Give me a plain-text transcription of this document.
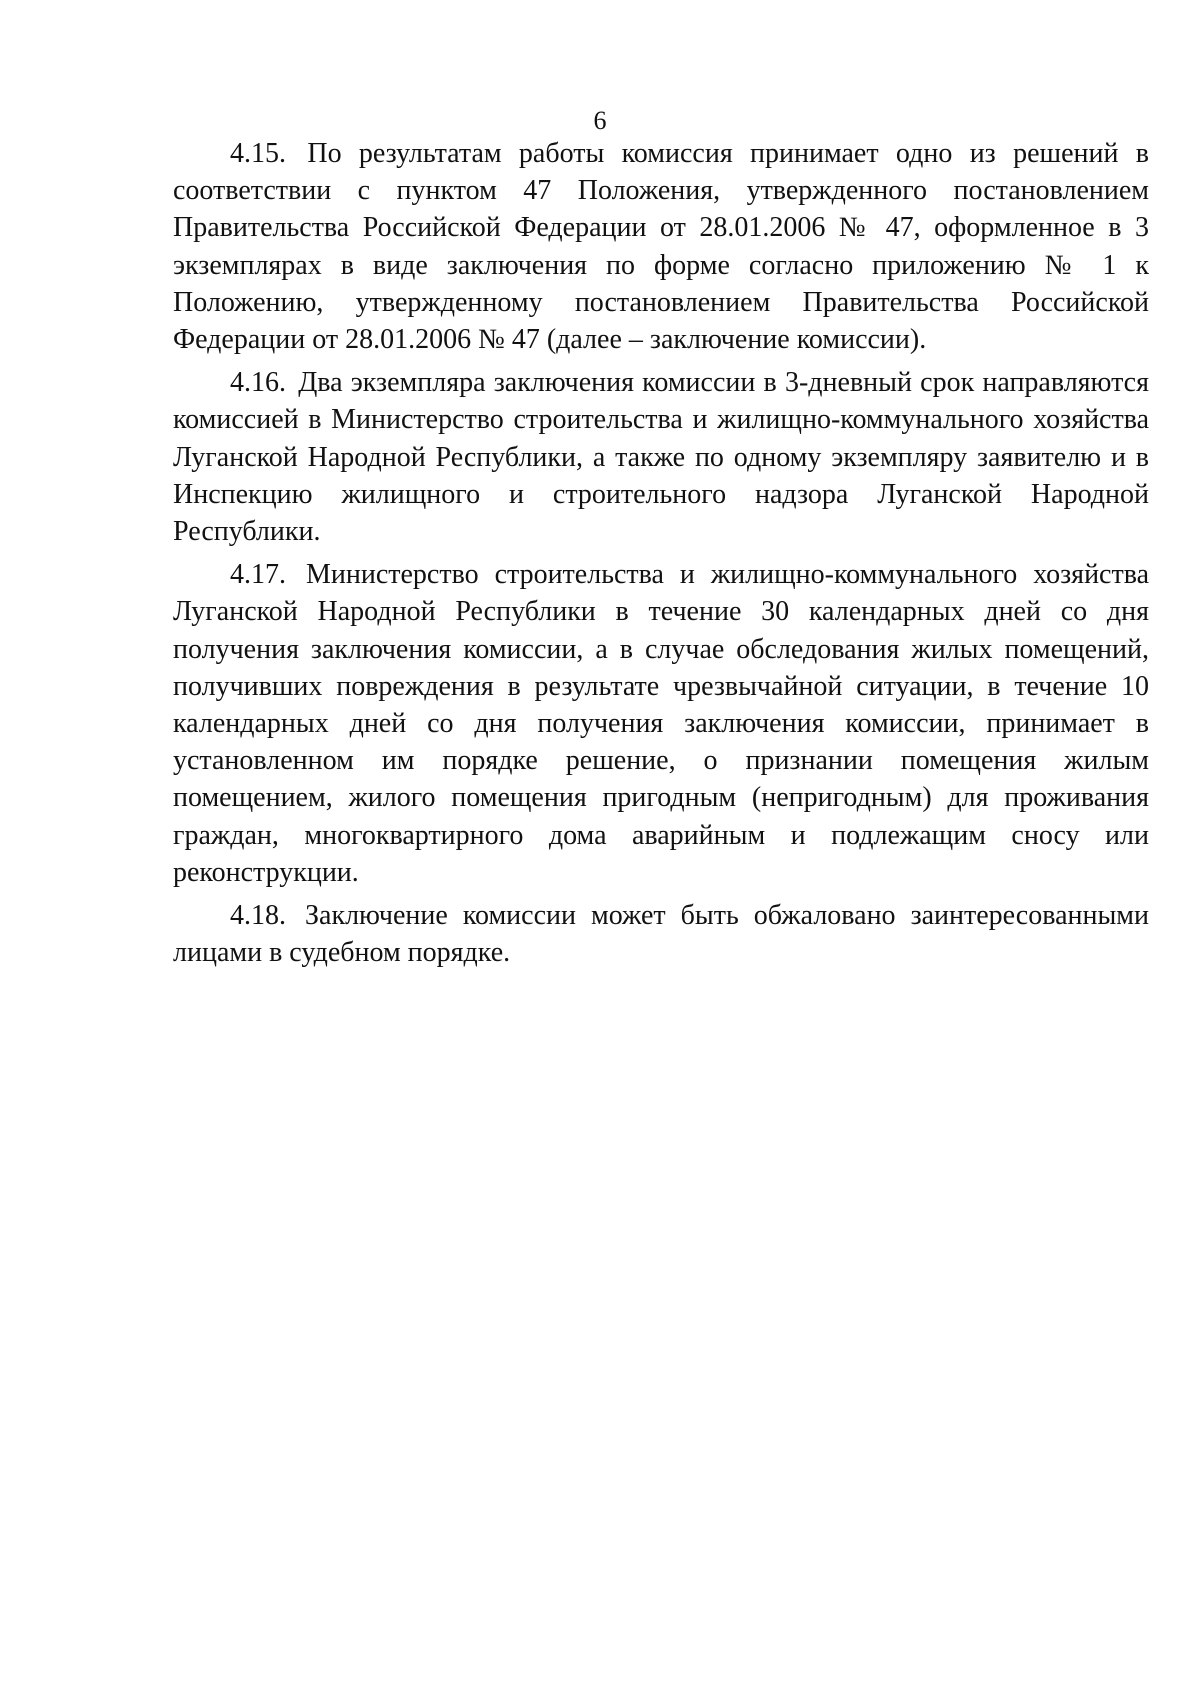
6

4.15. По результатам работы комиссия принимает одно из решений в соответствии с пунктом 47 Положения, утвержденного постановлением Правительства Российской Федерации от 28.01.2006 № 47, оформленное в 3 экземплярах в виде заключения по форме согласно приложению № 1 к Положению, утвержденному постановлением Правительства Российской Федерации от 28.01.2006 № 47 (далее – заключение комиссии).

4.16. Два экземпляра заключения комиссии в 3-дневный срок направляются комиссией в Министерство строительства и жилищно-коммунального хозяйства Луганской Народной Республики, а также по одному экземпляру заявителю и в Инспекцию жилищного и строительного надзора Луганской Народной Республики.

4.17. Министерство строительства и жилищно-коммунального хозяйства Луганской Народной Республики в течение 30 календарных дней со дня получения заключения комиссии, а в случае обследования жилых помещений, получивших повреждения в результате чрезвычайной ситуации, в течение 10 календарных дней со дня получения заключения комиссии, принимает в установленном им порядке решение, о признании помещения жилым помещением, жилого помещения пригодным (непригодным) для проживания граждан, многоквартирного дома аварийным и подлежащим сносу или реконструкции.

4.18. Заключение комиссии может быть обжаловано заинтересованными лицами в судебном порядке.
